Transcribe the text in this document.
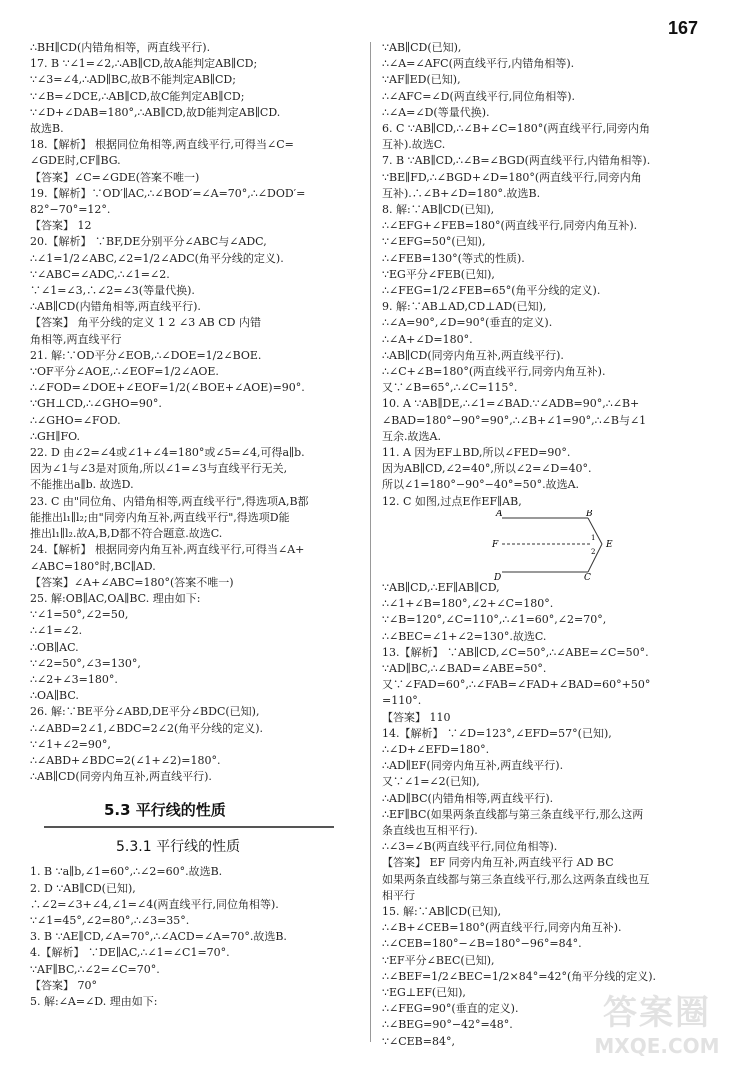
167
∴BH∥CD(内错角相等，两直线平行).
17. B ∵∠1=∠2,∴AB∥CD,故A能判定AB∥CD;
∵∠3=∠4,∴AD∥BC,故B不能判定AB∥CD;
∵∠B=∠DCE,∴AB∥CD,故C能判定AB∥CD;
∵∠D+∠DAB=180°,∴AB∥CD,故D能判定AB∥CD.
故选B.
18.【解析】 根据同位角相等,两直线平行,可得当∠C=
∠GDE时,CF∥BG.
【答案】∠C=∠GDE(答案不唯一)
19.【解析】∵OD′∥AC,∴∠BOD′=∠A=70°,∴∠DOD′=
82°−70°=12°.
【答案】 12
20.【解析】 ∵BF,DE分别平分∠ABC与∠ADC,
∴∠1=1/2∠ABC,∠2=1/2∠ADC(角平分线的定义).
∵∠ABC=∠ADC,∴∠1=∠2.
∵∠1=∠3,∴∠2=∠3(等量代换).
∴AB∥CD(内错角相等,两直线平行).
【答案】 角平分线的定义 1 2 ∠3 AB CD 内错
角相等,两直线平行
21. 解:∵OD平分∠EOB,∴∠DOE=1/2∠BOE.
∵OF平分∠AOE,∴∠EOF=1/2∠AOE.
∴∠FOD=∠DOE+∠EOF=1/2(∠BOE+∠AOE)=90°.
∵GH⊥CD,∴∠GHO=90°.
∴∠GHO=∠FOD.
∴GH∥FO.
22. D 由∠2=∠4或∠1+∠4=180°或∠5=∠4,可得a∥b.
因为∠1与∠3是对顶角,所以∠1=∠3与直线平行无关,
不能推出a∥b. 故选D.
23. C 由"同位角、内错角相等,两直线平行",得选项A,B都
能推出l₁∥l₂;由"同旁内角互补,两直线平行",得选项D能
推出l₁∥l₂.故A,B,D都不符合题意.故选C.
24.【解析】 根据同旁内角互补,两直线平行,可得当∠A+
∠ABC=180°时,BC∥AD.
【答案】∠A+∠ABC=180°(答案不唯一)
25. 解:OB∥AC,OA∥BC. 理由如下:
∵∠1=50°,∠2=50,
∴∠1=∠2.
∴OB∥AC.
∵∠2=50°,∠3=130°,
∴∠2+∠3=180°.
∴OA∥BC.
26. 解:∵BE平分∠ABD,DE平分∠BDC(已知),
∴∠ABD=2∠1,∠BDC=2∠2(角平分线的定义).
∵∠1+∠2=90°,
∴∠ABD+∠BDC=2(∠1+∠2)=180°.
∴AB∥CD(同旁内角互补,两直线平行).
5.3 平行线的性质
5.3.1 平行线的性质
1. B ∵a∥b,∠1=60°,∴∠2=60°.故选B.
2. D ∵AB∥CD(已知),
∴∠2=∠3+∠4,∠1=∠4(两直线平行,同位角相等).
∵∠1=45°,∠2=80°,∴∠3=35°.
3. B ∵AE∥CD,∠A=70°,∴∠ACD=∠A=70°.故选B.
4.【解析】 ∵DE∥AC,∴∠1=∠C1=70°.
∵AF∥BC,∴∠2=∠C=70°.
【答案】 70°
5. 解:∠A=∠D. 理由如下:
∵AB∥CD(已知),
∴∠A=∠AFC(两直线平行,内错角相等).
∵AF∥ED(已知),
∴∠AFC=∠D(两直线平行,同位角相等).
∴∠A=∠D(等量代换).
6. C ∵AB∥CD,∴∠B+∠C=180°(两直线平行,同旁内角
互补).故选C.
7. B ∵AB∥CD,∴∠B=∠BGD(两直线平行,内错角相等).
∵BE∥FD,∴∠BGD+∠D=180°(两直线平行,同旁内角
互补).∴∠B+∠D=180°.故选B.
8. 解:∵AB∥CD(已知),
∴∠EFG+∠FEB=180°(两直线平行,同旁内角互补).
∵∠EFG=50°(已知),
∴∠FEB=130°(等式的性质).
∵EG平分∠FEB(已知),
∴∠FEG=1/2∠FEB=65°(角平分线的定义).
9. 解:∵AB⊥AD,CD⊥AD(已知),
∴∠A=90°,∠D=90°(垂直的定义).
∴∠A+∠D=180°.
∴AB∥CD(同旁内角互补,两直线平行).
∴∠C+∠B=180°(两直线平行,同旁内角互补).
又∵∠B=65°,∴∠C=115°.
10. A ∵AB∥DE,∴∠1=∠BAD.∵∠ADB=90°,∴∠B+
∠BAD=180°−90°=90°,∴∠B+∠1=90°,∴∠B与∠1
互余.故选A.
11. A 因为EF⊥BD,所以∠FED=90°.
因为AB∥CD,∠2=40°,所以∠2=∠D=40°.
所以∠1=180°−90°−40°=50°.故选A.
12. C 如图,过点E作EF∥AB,
A	B
F	E
D	C
1
2
∵AB∥CD,∴EF∥AB∥CD,
∴∠1+∠B=180°,∠2+∠C=180°.
∵∠B=120°,∠C=110°,∴∠1=60°,∠2=70°,
∴∠BEC=∠1+∠2=130°.故选C.
13.【解析】 ∵AB∥CD,∠C=50°,∴∠ABE=∠C=50°.
∵AD∥BC,∴∠BAD=∠ABE=50°.
又∵∠FAD=60°,∴∠FAB=∠FAD+∠BAD=60°+50°
=110°.
【答案】 110
14.【解析】 ∵∠D=123°,∠EFD=57°(已知),
∴∠D+∠EFD=180°.
∴AD∥EF(同旁内角互补,两直线平行).
又∵∠1=∠2(已知),
∴AD∥BC(内错角相等,两直线平行).
∴EF∥BC(如果两条直线都与第三条直线平行,那么这两
条直线也互相平行).
∴∠3=∠B(两直线平行,同位角相等).
【答案】 EF 同旁内角互补,两直线平行 AD BC
如果两条直线都与第三条直线平行,那么这两条直线也互
相平行
15. 解:∵AB∥CD(已知),
∴∠B+∠CEB=180°(两直线平行,同旁内角互补).
∴∠CEB=180°−∠B=180°−96°=84°.
∵EF平分∠BEC(已知),
∴∠BEF=1/2∠BEC=1/2×84°=42°(角平分线的定义).
∵EG⊥EF(已知),
∴∠FEG=90°(垂直的定义).
∴∠BEG=90°−42°=48°.
∵∠CEB=84°,
答案圈
MXQE.COM
